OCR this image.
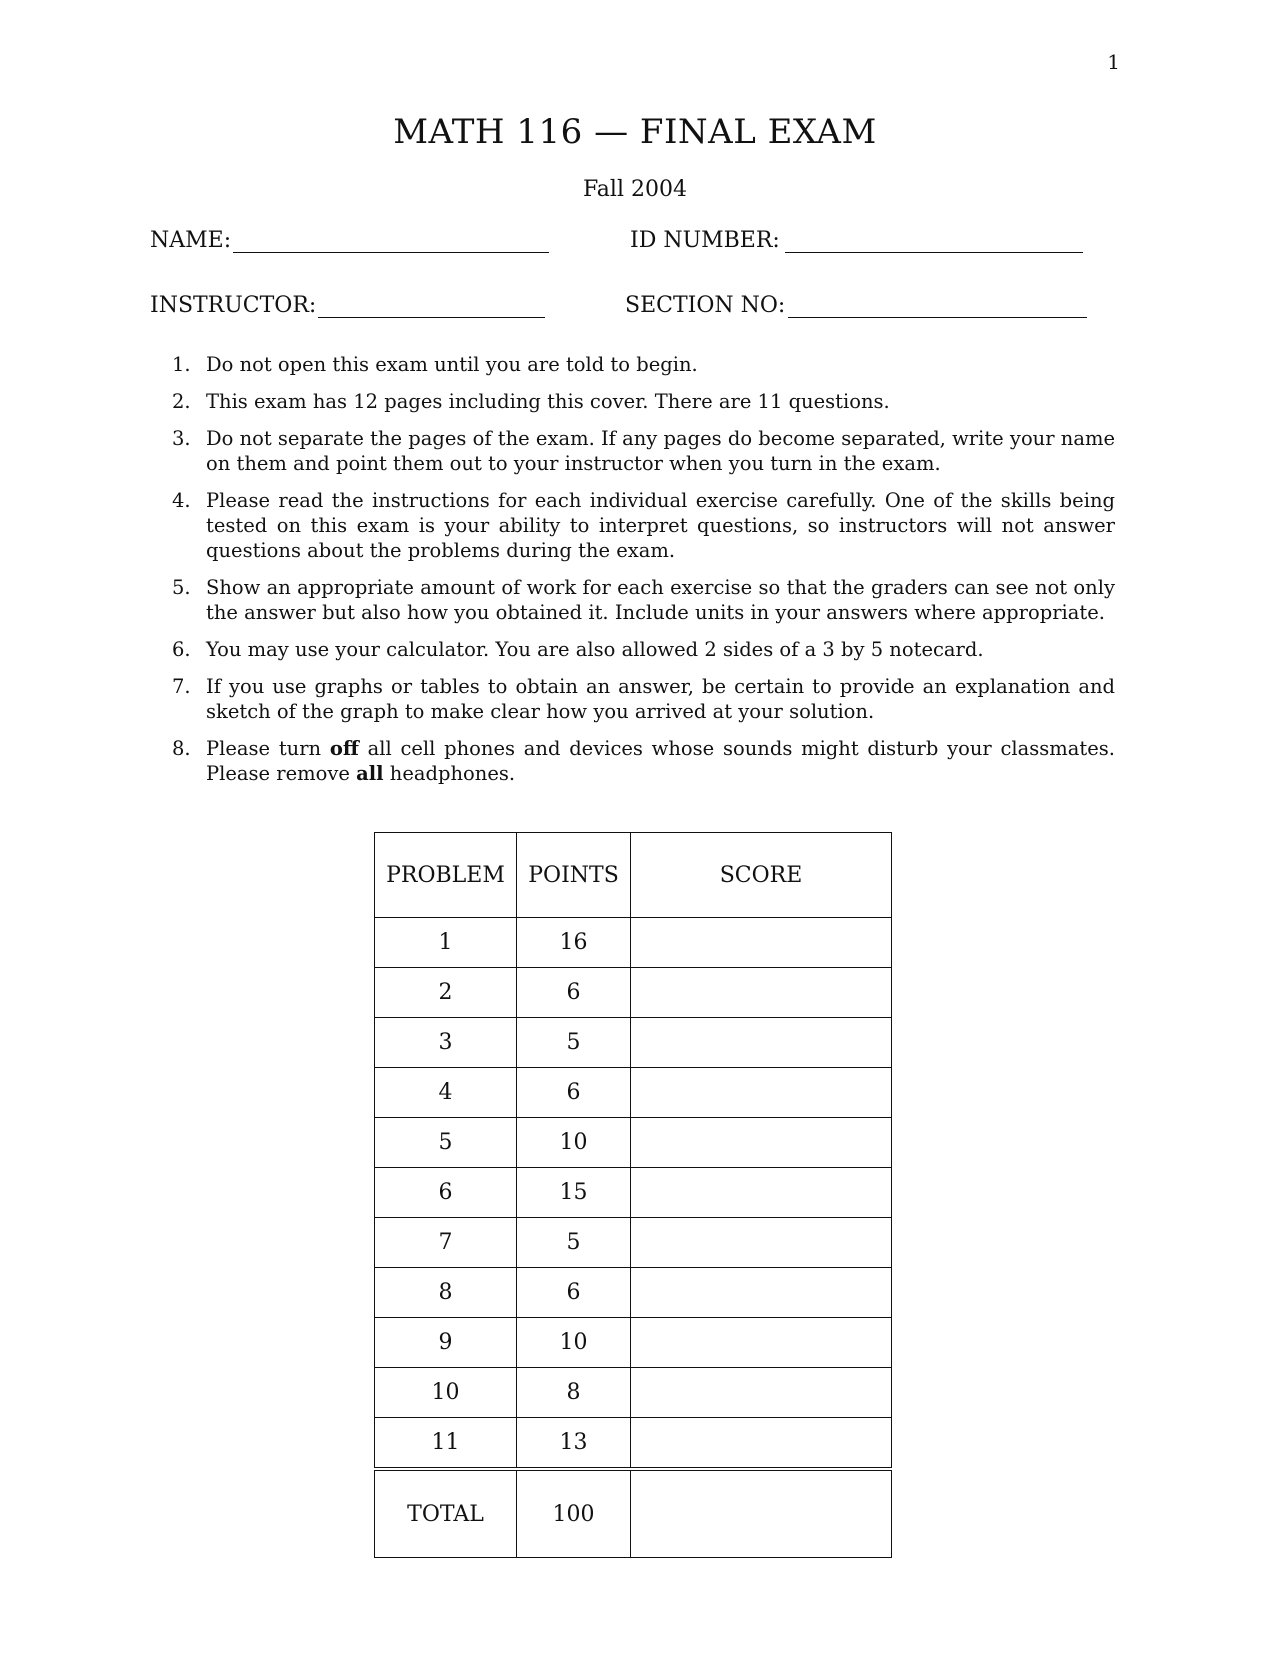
1
MATH 116 — FINAL EXAM
Fall 2004
NAME:	ID NUMBER:
INSTRUCTOR:	SECTION NO:
1. Do not open this exam until you are told to begin.
2. This exam has 12 pages including this cover. There are 11 questions.
3. Do not separate the pages of the exam. If any pages do become separated, write your name on them and point them out to your instructor when you turn in the exam.
4. Please read the instructions for each individual exercise carefully. One of the skills being tested on this exam is your ability to interpret questions, so instructors will not answer questions about the problems during the exam.
5. Show an appropriate amount of work for each exercise so that the graders can see not only the answer but also how you obtained it. Include units in your answers where appropriate.
6. You may use your calculator. You are also allowed 2 sides of a 3 by 5 notecard.
7. If you use graphs or tables to obtain an answer, be certain to provide an explanation and sketch of the graph to make clear how you arrived at your solution.
8. Please turn off all cell phones and devices whose sounds might disturb your classmates. Please remove all headphones.
PROBLEM	POINTS	SCORE
1	16	
2	6	
3	5	
4	6	
5	10	
6	15	
7	5	
8	6	
9	10	
10	8	
11	13	
TOTAL	100	
